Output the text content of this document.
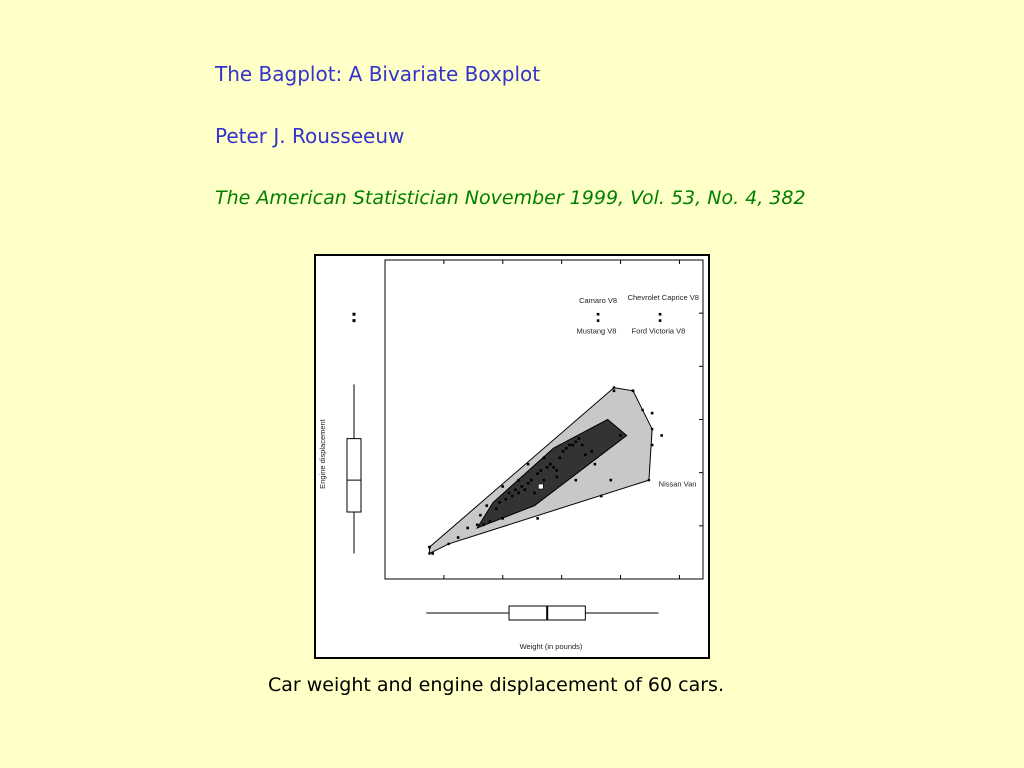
The Bagplot: A Bivariate Boxplot
Peter J. Rousseeuw
The American Statistician November 1999, Vol. 53, No. 4, 382
Camaro V8
Mustang V8
Chevrolet Caprice V8
Ford Victoria V8
Nissan Van
Engine displacement
Weight (in pounds)
Car weight and engine displacement of 60 cars.
